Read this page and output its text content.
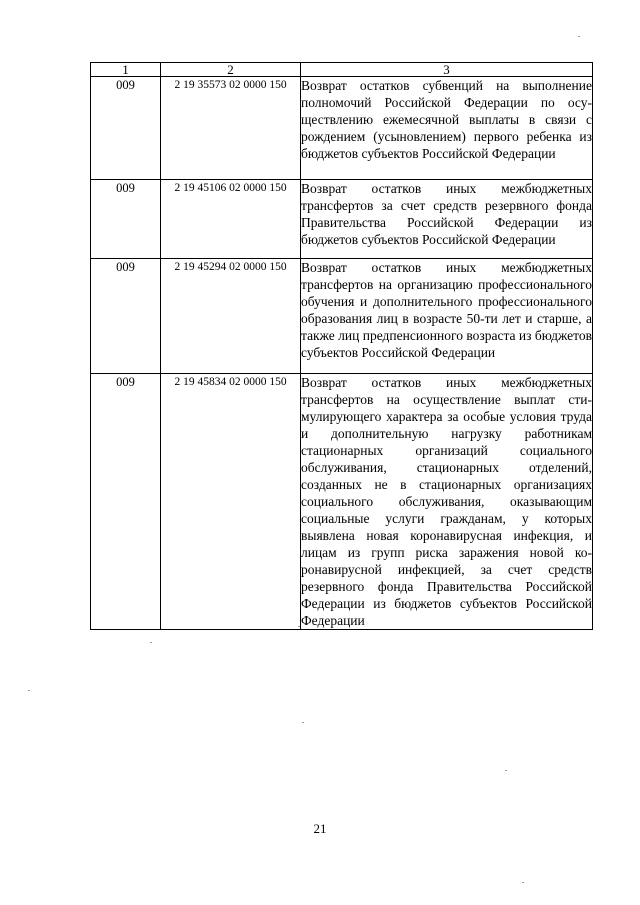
1	2	3
009	2 19 35573 02 0000 150	Возврат остатков субвенций на выполнение полномочий Российской Федерации по осуществлению ежемесячной выплаты в связи с рождением (усыновлением) первого ребенка из бюджетов субъектов Российской Федерации
009	2 19 45106 02 0000 150	Возврат остатков иных межбюджетных трансфертов за счет средств резервного фонда Правительства Российской Федерации из бюджетов субъектов Российской Федерации
009	2 19 45294 02 0000 150	Возврат остатков иных межбюджетных трансфертов на организацию профессионального обучения и дополнительного профессионального образования лиц в возрасте 50-ти лет и старше, а также лиц предпенсионного возраста из бюджетов субъектов Российской Федерации
009	2 19 45834 02 0000 150	Возврат остатков иных межбюджетных трансфертов на осуществление выплат стимулирующего характера за особые условия труда и дополнительную нагрузку работникам стационарных организаций социального обслуживания, стационарных отделений, созданных не в стационарных организациях социального обслуживания, оказывающим социальные услуги гражданам, у которых выявлена новая коронавирусная инфекция, и лицам из групп риска заражения новой коронавирусной инфекцией, за счет средств резервного фонда Правительства Российской Федерации из бюджетов субъектов Российской Федерации
21
